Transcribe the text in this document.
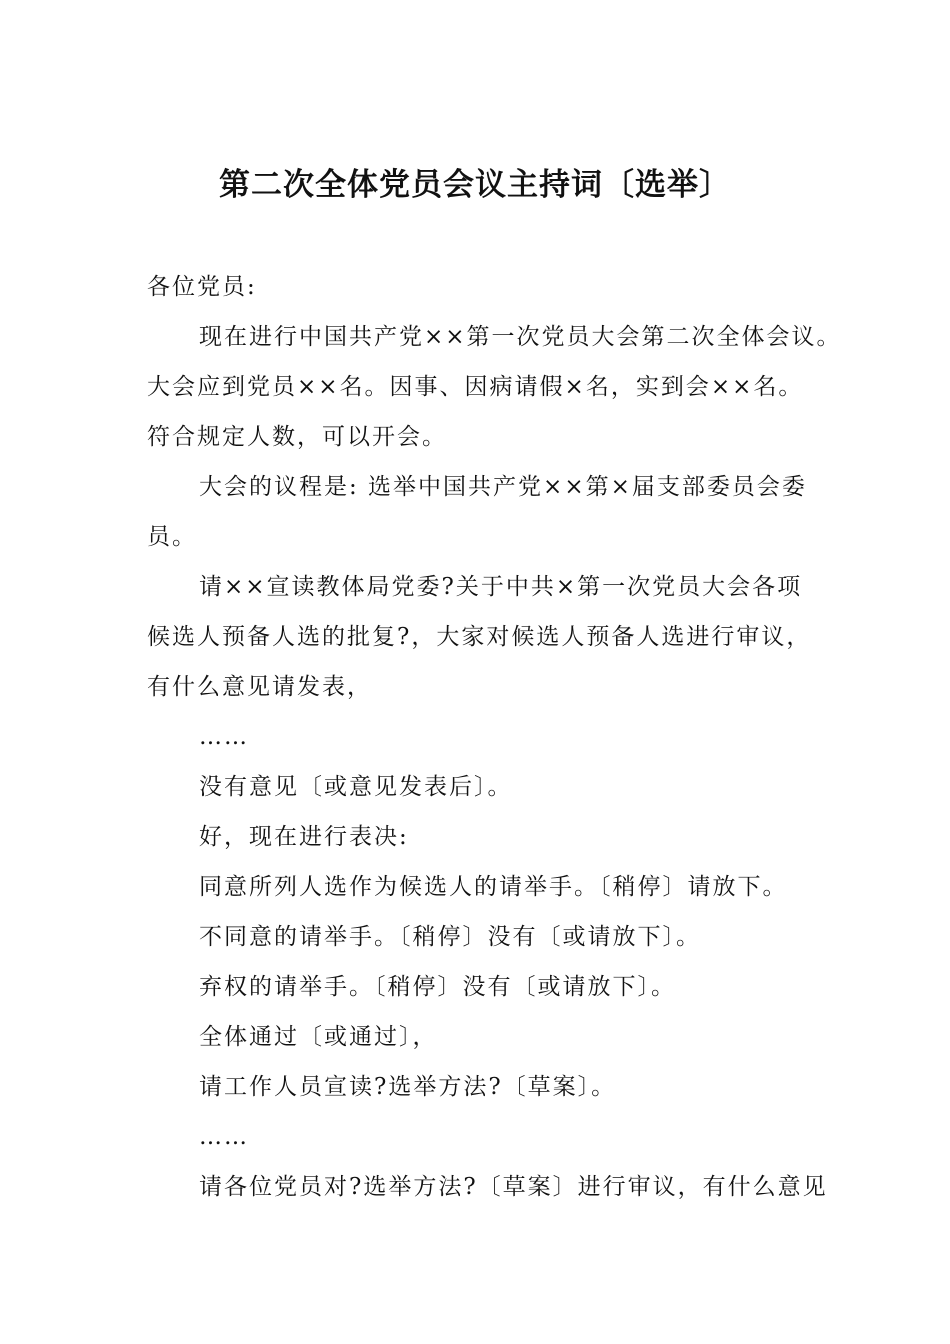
第二次全体党员会议主持词〔选举〕
各位党员:
现在进行中国共产党××第一次党员大会第二次全体会议。
大会应到党员××名。因事、因病请假×名，实到会××名。
符合规定人数，可以开会。
大会的议程是: 选举中国共产党××第×届支部委员会委
员。
请××宣读教体局党委?关于中共×第一次党员大会各项
候选人预备人选的批复?，大家对候选人预备人选进行审议，
有什么意见请发表，
……
没有意见〔或意见发表后〕。
好，现在进行表决:
同意所列人选作为候选人的请举手。〔稍停〕请放下。
不同意的请举手。〔稍停〕没有〔或请放下〕。
弃权的请举手。〔稍停〕没有〔或请放下〕。
全体通过〔或通过〕，
请工作人员宣读?选举方法?〔草案〕。
……
请各位党员对?选举方法?〔草案〕进行审议，有什么意见
